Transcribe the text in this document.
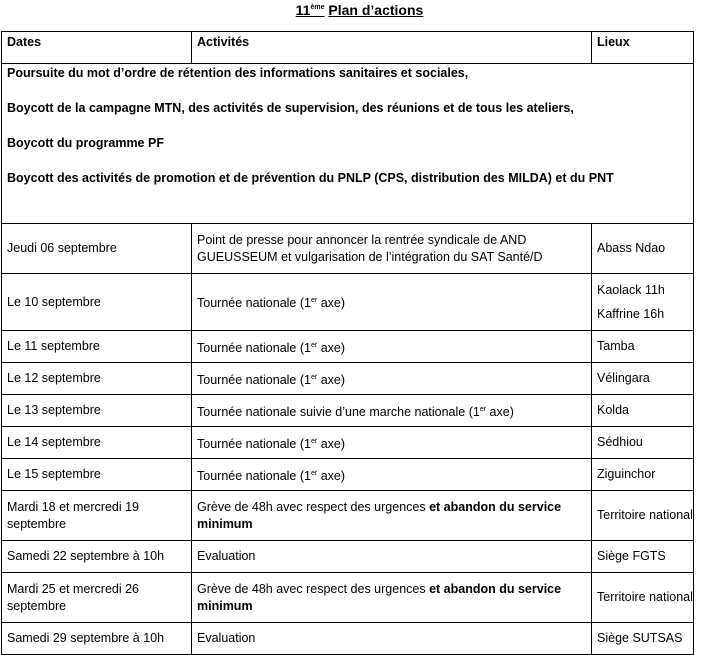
11ème Plan d’actions
Dates	Activités	Lieux

Poursuite du mot d’ordre de rétention des informations sanitaires et sociales,
Boycott de la campagne MTN, des activités de supervision, des réunions et de tous les ateliers,
Boycott du programme PF
Boycott des activités de promotion et de prévention du PNLP (CPS, distribution des MILDA) et du PNT		

Jeudi 06 septembre	Point de presse pour annoncer la rentrée syndicale de AND GUEUSSEUM et vulgarisation de l’intégration du SAT Santé/D	Abass Ndao
Le 10 septembre	Tournée nationale (1er axe)	Kaolack 11h
Kaffrine 16h

Le 11 septembre	Tournée nationale (1er axe)	Tamba
Le 12 septembre	Tournée nationale (1er axe)	Vélingara
Le 13 septembre	Tournée nationale suivie d’une marche nationale (1er axe)	Kolda
Le 14 septembre	Tournée nationale (1er axe)	Sédhiou
Le 15 septembre	Tournée nationale (1er axe)	Ziguinchor
Mardi 18 et mercredi 19 septembre	Grève de 48h avec respect des urgences et abandon du service minimum	Territoire national
Samedi 22 septembre à 10h	Evaluation	Siège FGTS
Mardi 25 et mercredi 26 septembre	Grève de 48h avec respect des urgences et abandon du service minimum	Territoire national
Samedi 29 septembre à 10h	Evaluation	Siège SUTSAS
